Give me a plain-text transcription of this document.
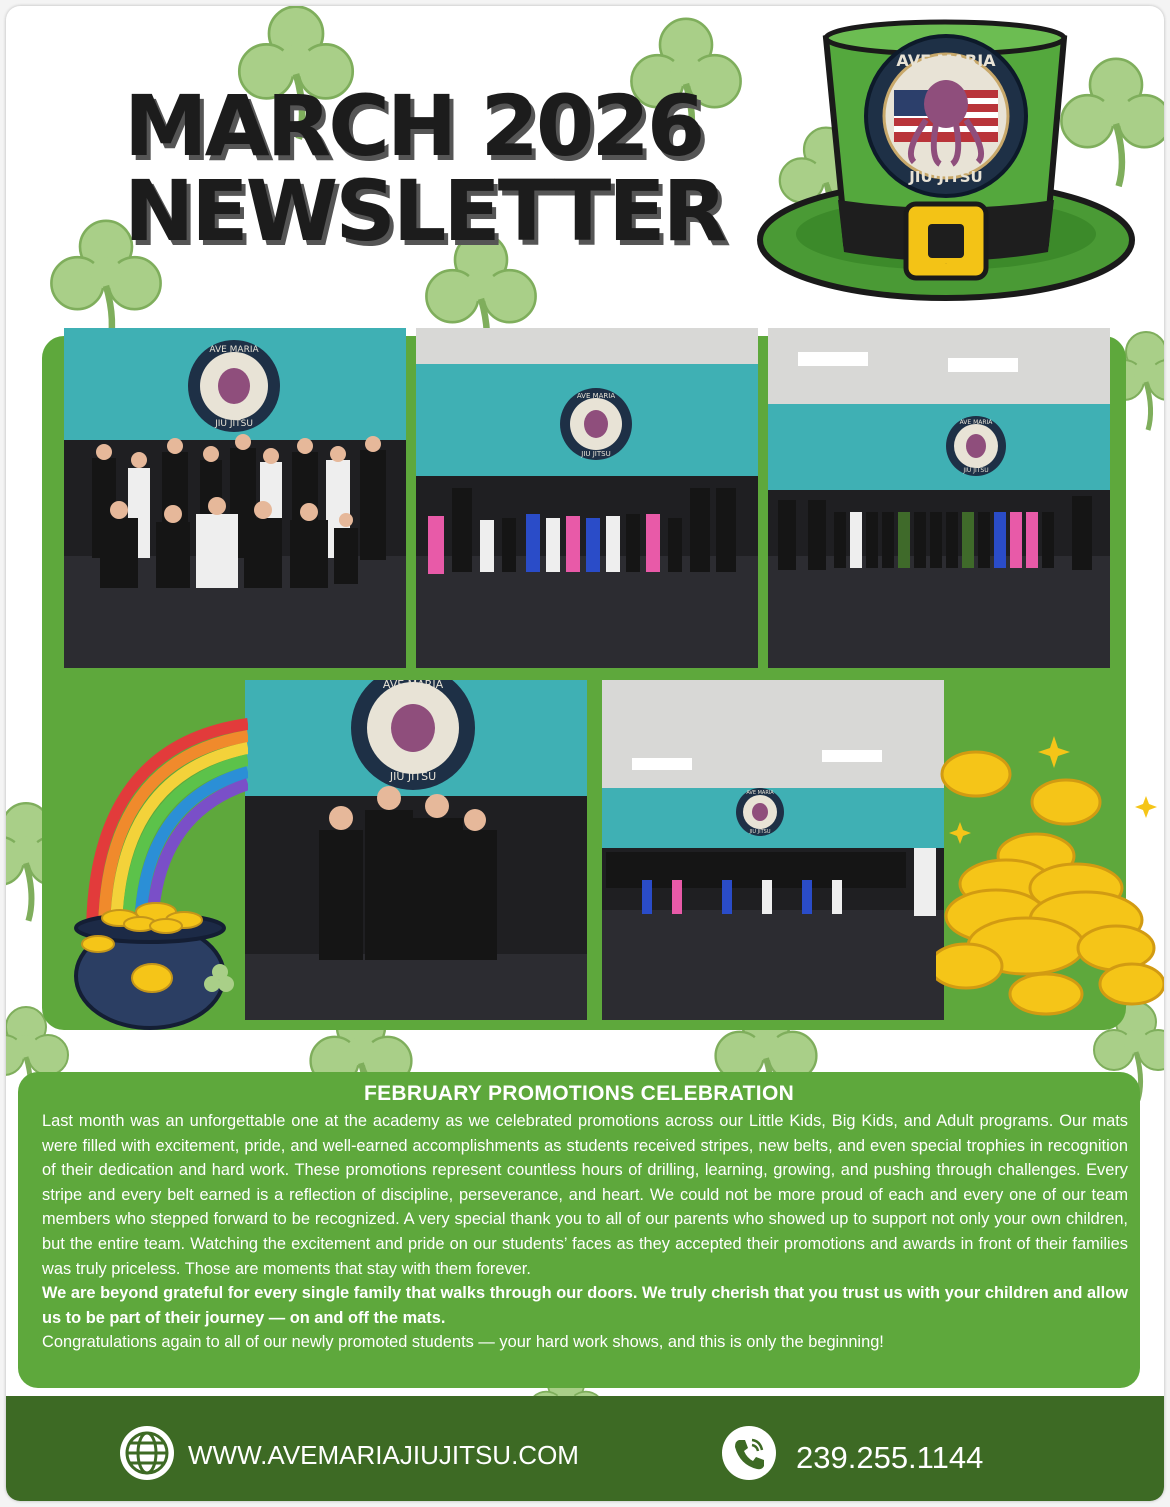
MARCH 2026
NEWSLETTER
AVE MARIA
JIU·JITSU
G
AVE MARIA
JIU JITSU
AVE MARIA
JIU JITSU
AVE MARIA
JIU JITSU
AVE MARIA
JIU JITSU
AVE MARIA
JIU JITSU
FEBRUARY PROMOTIONS CELEBRATION

Last month was an unforgettable one at the academy as we celebrated promotions across our Little Kids, Big Kids, and Adult programs. Our mats were filled with excitement, pride, and well-earned accomplishments as students received stripes, new belts, and even special trophies in recognition of their dedication and hard work. These promotions represent countless hours of drilling, learning, growing, and pushing through challenges. Every stripe and every belt earned is a reflection of discipline, perseverance, and heart. We could not be more proud of each and every one of our team members who stepped forward to be recognized. A very special thank you to all of our parents who showed up to support not only your own children, but the entire team. Watching the excitement and pride on our students’ faces as they accepted their promotions and awards in front of their families was truly priceless. Those are moments that stay with them forever.

We are beyond grateful for every single family that walks through our doors. We truly cherish that you trust us with your children and allow us to be part of their journey — on and off the mats.

Congratulations again to all of our newly promoted students — your hard work shows, and this is only the beginning!

WWW.AVEMARIAJIUJITSU.COM	239.255.1144
